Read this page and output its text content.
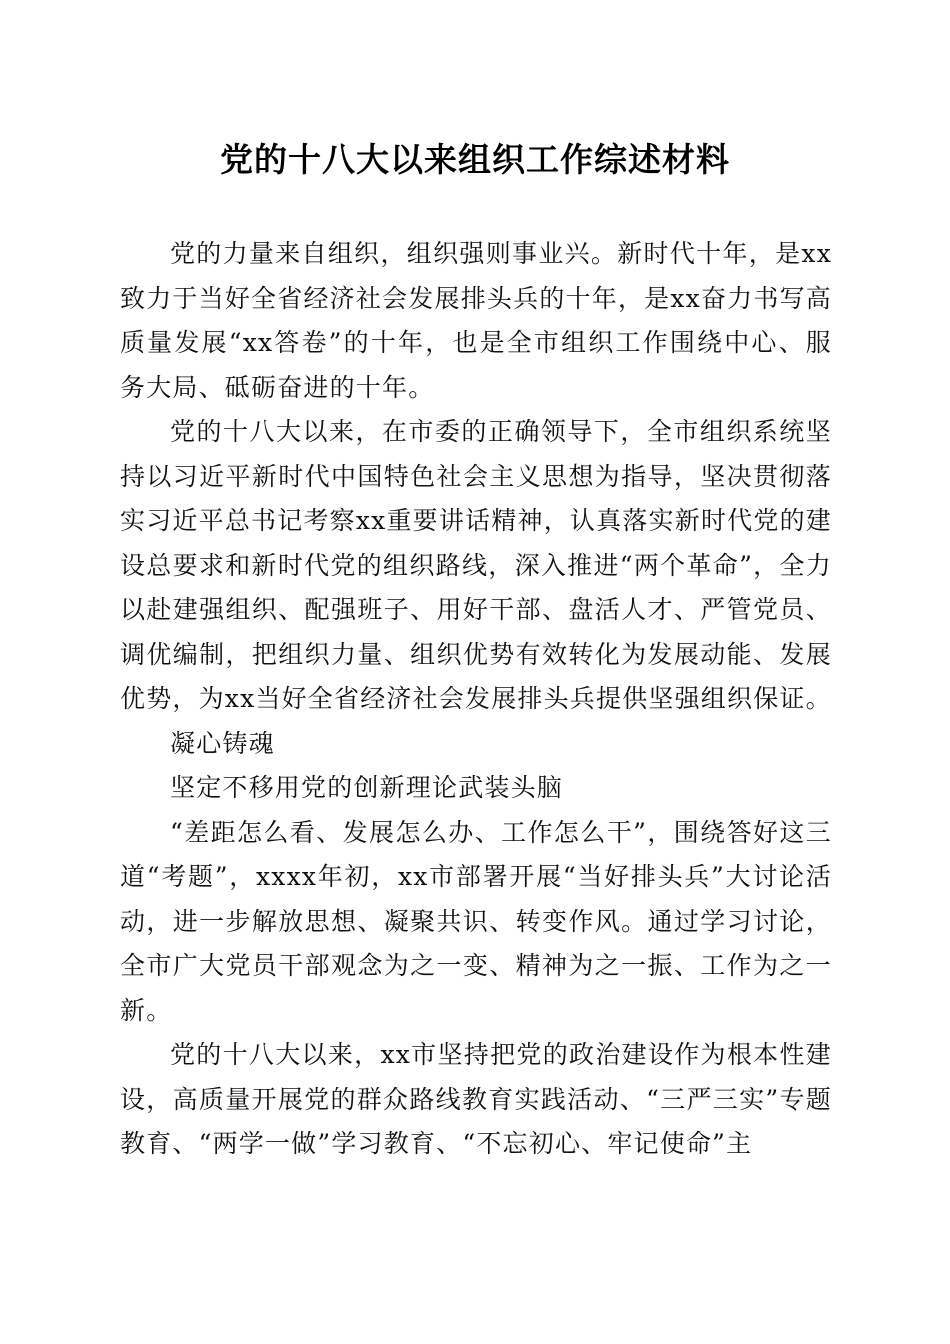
党的十八大以来组织工作综述材料

党的力量来自组织，组织强则事业兴。新时代十年，是xx致力于当好全省经济社会发展排头兵的十年，是xx奋力书写高质量发展“xx答卷”的十年，也是全市组织工作围绕中心、服务大局、砥砺奋进的十年。

党的十八大以来，在市委的正确领导下，全市组织系统坚持以习近平新时代中国特色社会主义思想为指导，坚决贯彻落实习近平总书记考察xx重要讲话精神，认真落实新时代党的建设总要求和新时代党的组织路线，深入推进“两个革命”，全力以赴建强组织、配强班子、用好干部、盘活人才、严管党员、调优编制，把组织力量、组织优势有效转化为发展动能、发展优势，为xx当好全省经济社会发展排头兵提供坚强组织保证。

凝心铸魂

坚定不移用党的创新理论武装头脑

“差距怎么看、发展怎么办、工作怎么干”，围绕答好这三道“考题”，xxxx年初，xx市部署开展“当好排头兵”大讨论活动，进一步解放思想、凝聚共识、转变作风。通过学习讨论，全市广大党员干部观念为之一变、精神为之一振、工作为之一新。

党的十八大以来，xx市坚持把党的政治建设作为根本性建设，高质量开展党的群众路线教育实践活动、“三严三实”专题教育、“两学一做”学习教育、“不忘初心、牢记使命”主
